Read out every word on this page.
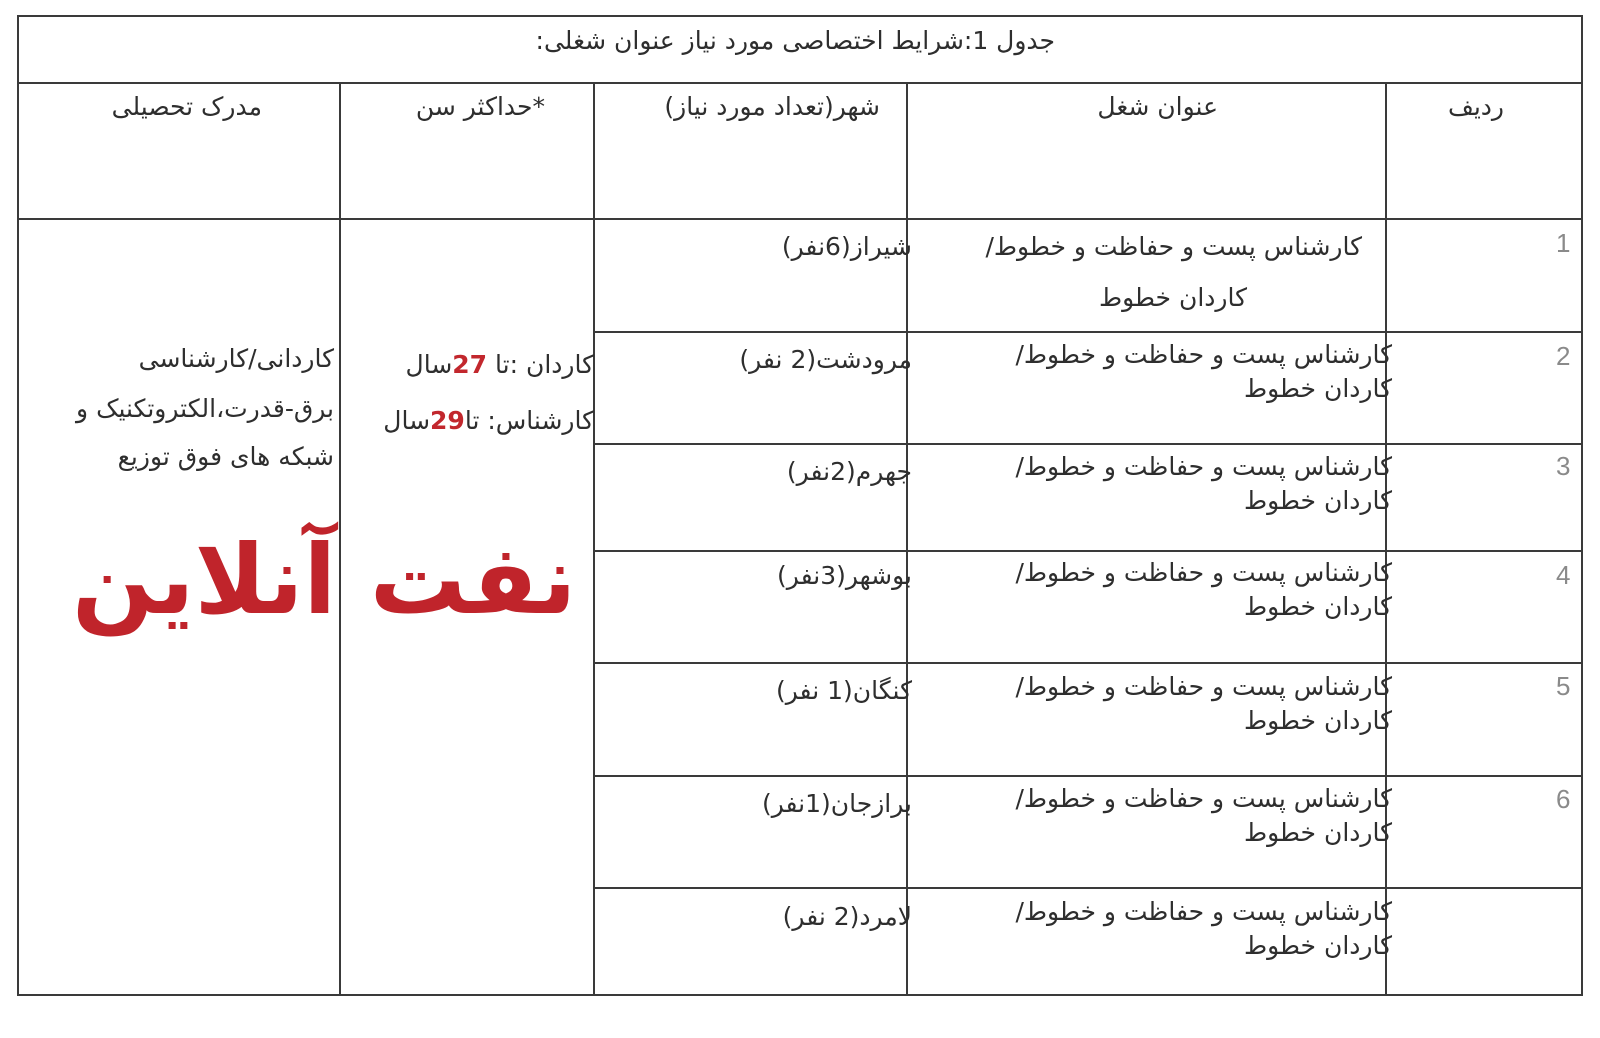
جدول 1:شرایط اختصاصی مورد نیاز عنوان شغلی:
ردیف
عنوان شغل
شهر(تعداد مورد نیاز)
*حداکثر سن
مدرک تحصیلی
1
کارشناس پست و حفاظت و خطوط/
کاردان خطوط
شیراز(6نفر)
2
کارشناس پست و حفاظت و خطوط/
کاردان خطوط
مرودشت(2 نفر)
3
کارشناس پست و حفاظت و خطوط/
کاردان خطوط
جهرم(2نفر)
4
کارشناس پست و حفاظت و خطوط/
کاردان خطوط
بوشهر(3نفر)
5
کارشناس پست و حفاظت و خطوط/
کاردان خطوط
کنگان(1 نفر)
6
کارشناس پست و حفاظت و خطوط/
کاردان خطوط
برازجان(1نفر)
کارشناس پست و حفاظت و خطوط/
کاردان خطوط
لامرد(2 نفر)
کاردان :تا 27سال
کارشناس: تا29سال
کاردانی/کارشناسی
برق-قدرت،الکتروتکنیک و
شبکه های فوق توزیع
نفت آنلاین
